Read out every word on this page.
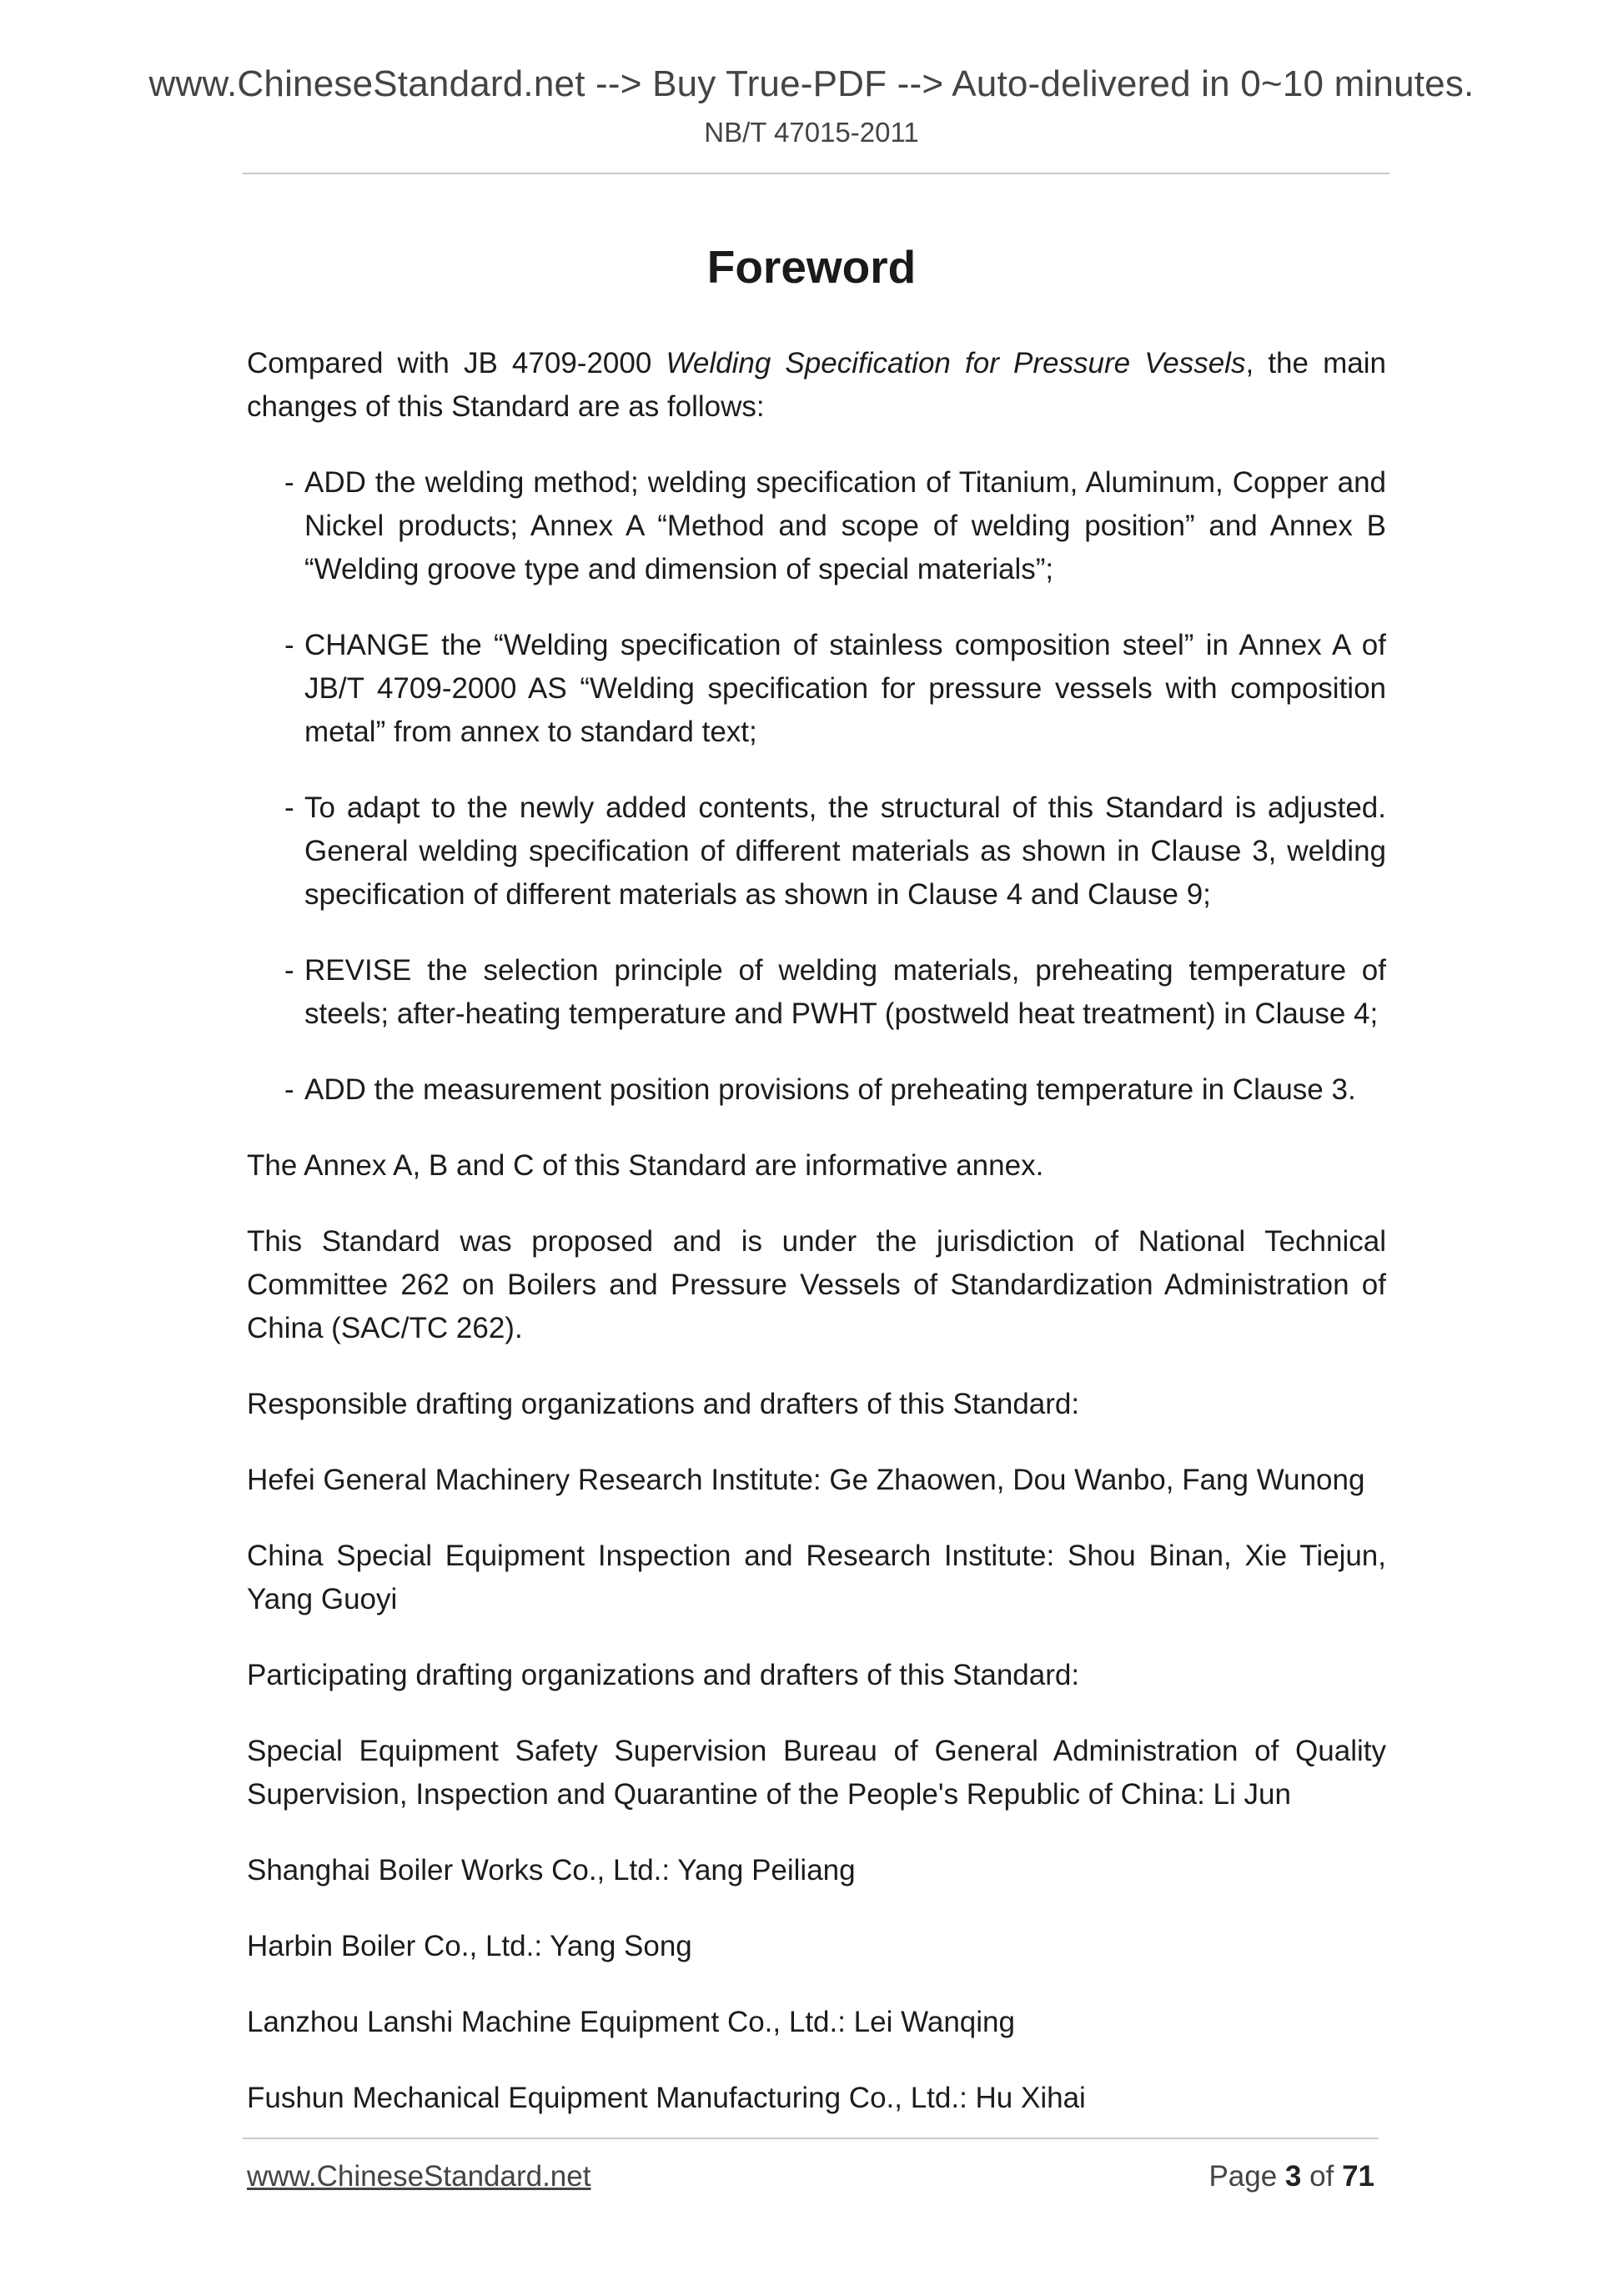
www.ChineseStandard.net --> Buy True-PDF --> Auto-delivered in 0~10 minutes.
NB/T 47015-2011
Foreword

Compared with JB 4709-2000 Welding Specification for Pressure Vessels, the main changes of this Standard are as follows:

- ADD the welding method; welding specification of Titanium, Aluminum, Copper and Nickel products; Annex A “Method and scope of welding position” and Annex B “Welding groove type and dimension of special materials”;
- CHANGE the “Welding specification of stainless composition steel” in Annex A of JB/T 4709-2000 AS “Welding specification for pressure vessels with composition metal” from annex to standard text;
- To adapt to the newly added contents, the structural of this Standard is adjusted. General welding specification of different materials as shown in Clause 3, welding specification of different materials as shown in Clause 4 and Clause 9;
- REVISE the selection principle of welding materials, preheating temperature of steels; after-heating temperature and PWHT (postweld heat treatment) in Clause 4;
- ADD the measurement position provisions of preheating temperature in Clause 3.

The Annex A, B and C of this Standard are informative annex.

This Standard was proposed and is under the jurisdiction of National Technical Committee 262 on Boilers and Pressure Vessels of Standardization Administration of China (SAC/TC 262).

Responsible drafting organizations and drafters of this Standard:

Hefei General Machinery Research Institute: Ge Zhaowen, Dou Wanbo, Fang Wunong

China Special Equipment Inspection and Research Institute: Shou Binan, Xie Tiejun, Yang Guoyi

Participating drafting organizations and drafters of this Standard:

Special Equipment Safety Supervision Bureau of General Administration of Quality Supervision, Inspection and Quarantine of the People's Republic of China: Li Jun

Shanghai Boiler Works Co., Ltd.: Yang Peiliang

Harbin Boiler Co., Ltd.: Yang Song

Lanzhou Lanshi Machine Equipment Co., Ltd.: Lei Wanqing

Fushun Mechanical Equipment Manufacturing Co., Ltd.: Hu Xihai

www.ChineseStandard.net	Page 3 of 71
